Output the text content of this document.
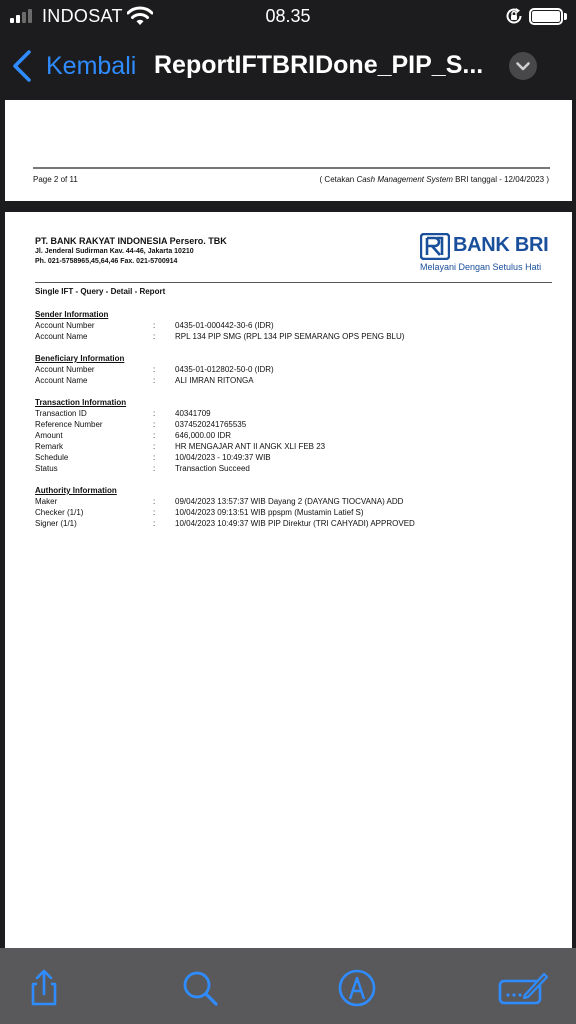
INDOSAT	08.35
Kembali ReportIFTBRIDone_PIP_S...
Page 2 of 11	( Cetakan Cash Management System BRI tanggal - 12/04/2023 )
PT. BANK RAKYAT INDONESIA Persero. TBK
Jl. Jenderal Sudirman Kav. 44-46, Jakarta 10210
Ph. 021-5758965,45,64,46 Fax. 021-5700914
BANK BRI
Melayani Dengan Setulus Hati
Single IFT - Query - Detail - Report
Sender Information
Account Number	: 0435-01-000442-30-6 (IDR)
Account Name	: RPL 134 PIP SMG (RPL 134 PIP SEMARANG OPS PENG BLU)
Beneficiary Information
Account Number	: 0435-01-012802-50-0 (IDR)
Account Name	: ALI IMRAN RITONGA
Transaction Information
Transaction ID	: 40341709
Reference Number	: 0374520241765535
Amount	: 646,000.00 IDR
Remark	: HR MENGAJAR ANT II ANGK XLI FEB 23
Schedule	: 10/04/2023 - 10:49:37 WIB
Status	: Transaction Succeed
Authority Information
Maker	: 09/04/2023 13:57:37 WIB Dayang 2 (DAYANG TIOCVANA) ADD
Checker (1/1)	: 10/04/2023 09:13:51 WIB ppspm (Mustamin Latief S)
Signer (1/1)	: 10/04/2023 10:49:37 WIB PIP Direktur (TRI CAHYADI) APPROVED
